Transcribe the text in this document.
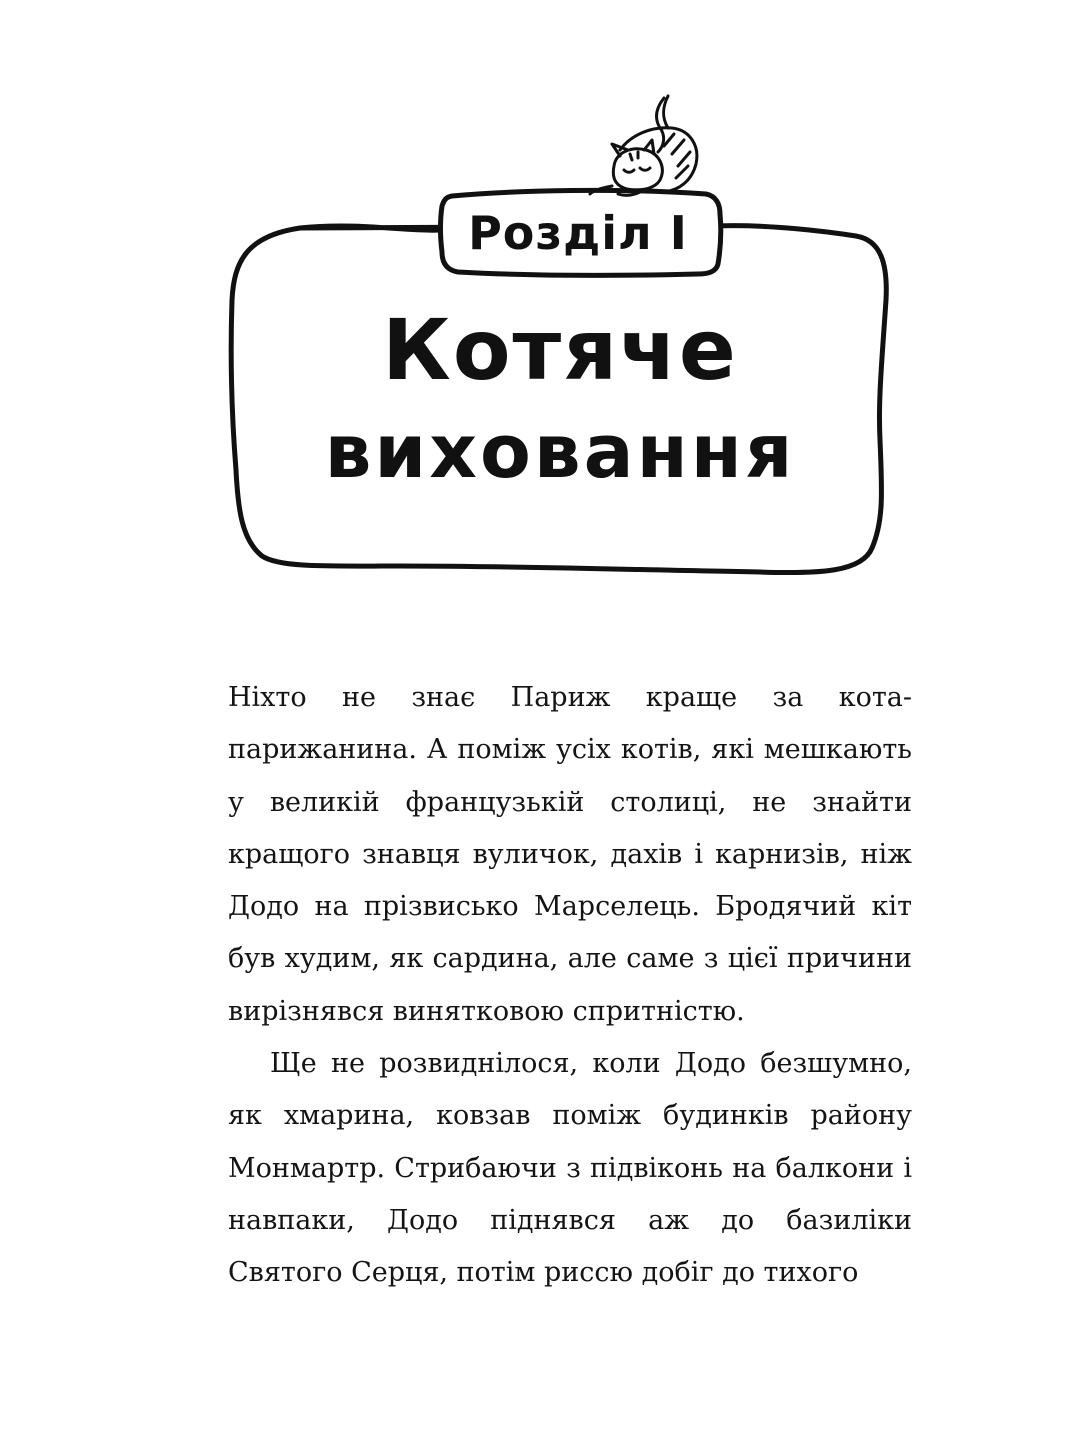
Розділ І
Котяче
виховання

Ніхто не знає Париж краще за кота-парижанина. А поміж усіх котів, які мешкають у великій французькій столиці, не знайти кращого знавця вуличок, дахів і карнизів, ніж Додо на прізвисько Марселець. Бродячий кіт був худим, як сардина, але саме з цієї причини вирізнявся винятковою спритністю.

Ще не розвиднілося, коли Додо безшумно, як хмарина, ковзав поміж будинків району Монмартр. Стрибаючи з підвіконь на балкони і навпаки, Додо піднявся аж до базиліки Святого Серця, потім риссю добіг до тихого
